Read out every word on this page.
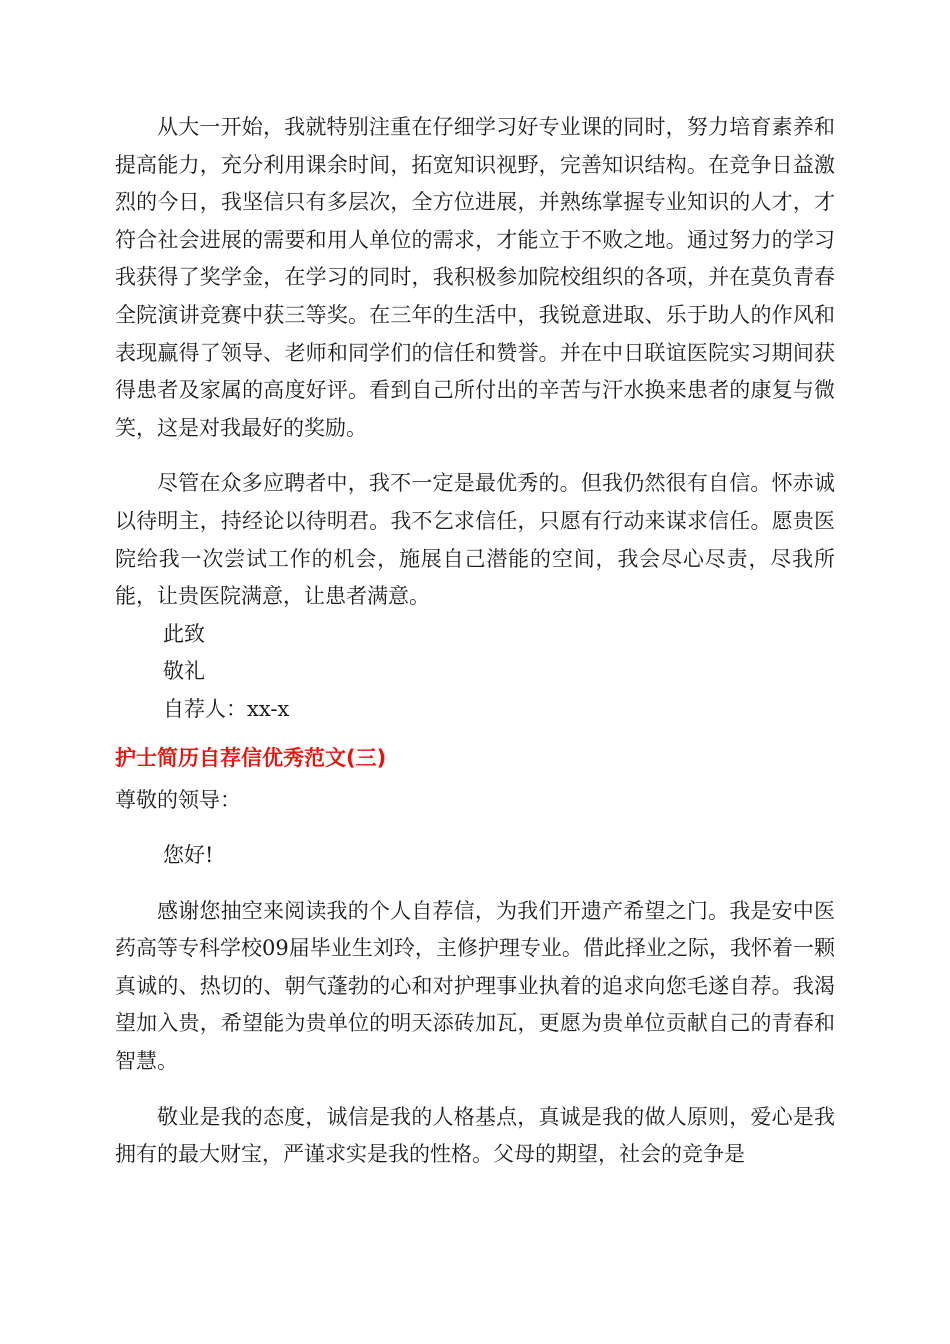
从大一开始，我就特别注重在仔细学习好专业课的同时，努力培育素养和提高能力，充分利用课余时间，拓宽知识视野，完善知识结构。在竞争日益激烈的今日，我坚信只有多层次，全方位进展，并熟练掌握专业知识的人才，才符合社会进展的需要和用人单位的需求，才能立于不败之地。通过努力的学习我获得了奖学金，在学习的同时，我积极参加院校组织的各项，并在莫负青春全院演讲竞赛中获三等奖。在三年的生活中，我锐意进取、乐于助人的作风和表现赢得了领导、老师和同学们的信任和赞誉。并在中日联谊医院实习期间获得患者及家属的高度好评。看到自己所付出的辛苦与汗水换来患者的康复与微笑，这是对我最好的奖励。

尽管在众多应聘者中，我不一定是最优秀的。但我仍然很有自信。怀赤诚以待明主，持经论以待明君。我不乞求信任，只愿有行动来谋求信任。愿贵医院给我一次尝试工作的机会，施展自己潜能的空间，我会尽心尽责，尽我所能，让贵医院满意，让患者满意。

此致

敬礼

自荐人：xx-x

护士简历自荐信优秀范文(三)

尊敬的领导：

您好!

感谢您抽空来阅读我的个人自荐信，为我们开遗产希望之门。我是安中医药高等专科学校09届毕业生刘玲，主修护理专业。借此择业之际，我怀着一颗真诚的、热切的、朝气蓬勃的心和对护理事业执着的追求向您毛遂自荐。我渴望加入贵，希望能为贵单位的明天添砖加瓦，更愿为贵单位贡献自己的青春和智慧。

敬业是我的态度，诚信是我的人格基点，真诚是我的做人原则，爱心是我拥有的最大财宝，严谨求实是我的性格。父母的期望，社会的竞争是
